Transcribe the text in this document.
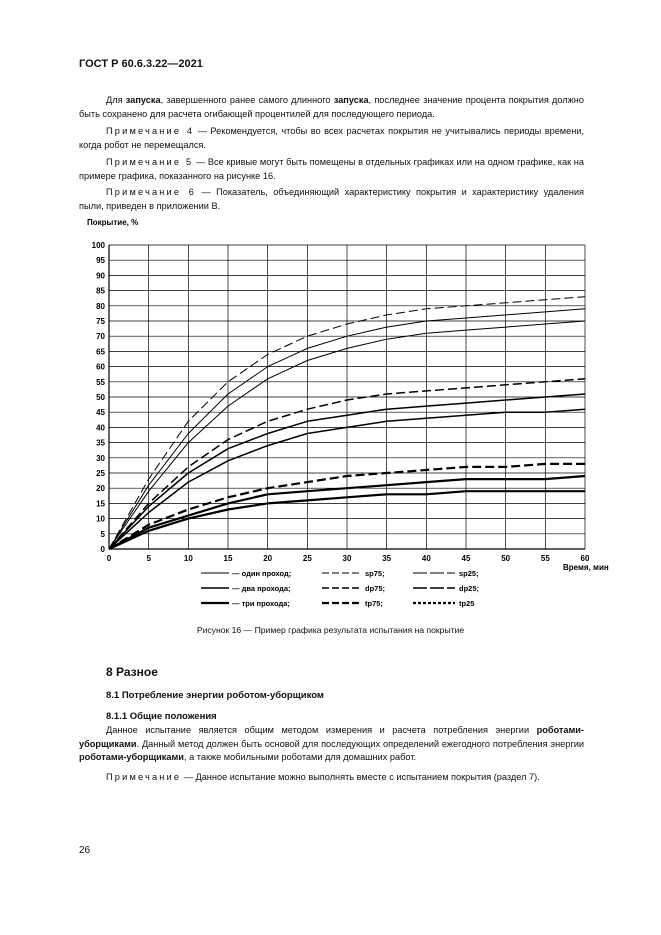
ГОСТ Р 60.6.3.22—2021
Для запуска, завершенного ранее самого длинного запуска, последнее значение процента покрытия должно быть сохранено для расчета огибающей процентилей для последующего периода.
Примечание 4 — Рекомендуется, чтобы во всех расчетах покрытия не учитывались периоды времени, когда робот не перемещался.
Примечание 5 — Все кривые могут быть помещены в отдельных графиках или на одном графике, как на примере графика, показанного на рисунке 16.
Примечание 6 — Показатель, объединяющий характеристику покрытия и характеристику удаления пыли, приведен в приложении В.
0	5	10	15	20	25	30	35	40	45	50	55	60
0
5
10
15
20
25
30
35
40
45
50
55
60
65
70
75
80
85
90
95
100
Покрытие, %
Время, мин
— один проход;	sp75;	sp25;
— два прохода;	dp75;	dp25;
— три прохода;	tp75;	tp25
Рисунок 16 — Пример графика результата испытания на покрытие
8 Разное
8.1 Потребление энергии роботом-уборщиком
8.1.1 Общие положения
Данное испытание является общим методом измерения и расчета потребления энергии роботами-уборщиками. Данный метод должен быть основой для последующих определений ежегодного потребления энергии роботами-уборщиками, а также мобильными роботами для домашних работ.
Примечание — Данное испытание можно выполнять вместе с испытанием покрытия (раздел 7).
26
